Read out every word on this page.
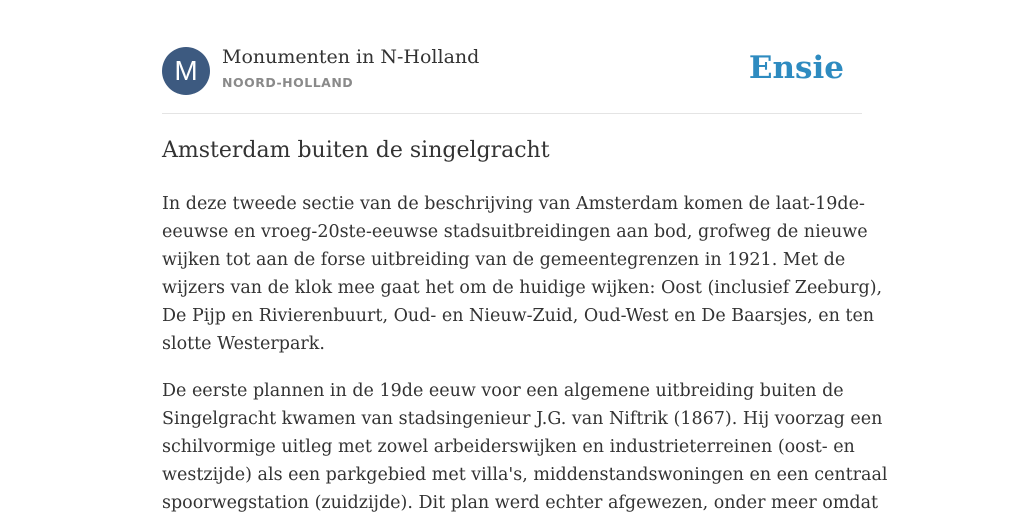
M	Monumenten in N-Holland
NOORD-HOLLAND	Ensie
Amsterdam buiten de singelgracht

In deze tweede sectie van de beschrijving van Amsterdam komen de laat-19de-
eeuwse en vroeg-20ste-eeuwse stadsuitbreidingen aan bod, grofweg de nieuwe
wijken tot aan de forse uitbreiding van de gemeentegrenzen in 1921. Met de
wijzers van de klok mee gaat het om de huidige wijken: Oost (inclusief Zeeburg),
De Pijp en Rivierenbuurt, Oud- en Nieuw-Zuid, Oud-West en De Baarsjes, en ten
slotte Westerpark.

De eerste plannen in de 19de eeuw voor een algemene uitbreiding buiten de
Singelgracht kwamen van stadsingenieur J.G. van Niftrik (1867). Hij voorzag een
schilvormige uitleg met zowel arbeiderswijken en industrieterreinen (oost- en
westzijde) als een parkgebied met villa's, middenstandswoningen en een centraal
spoorwegstation (zuidzijde). Dit plan werd echter afgewezen, onder meer omdat
